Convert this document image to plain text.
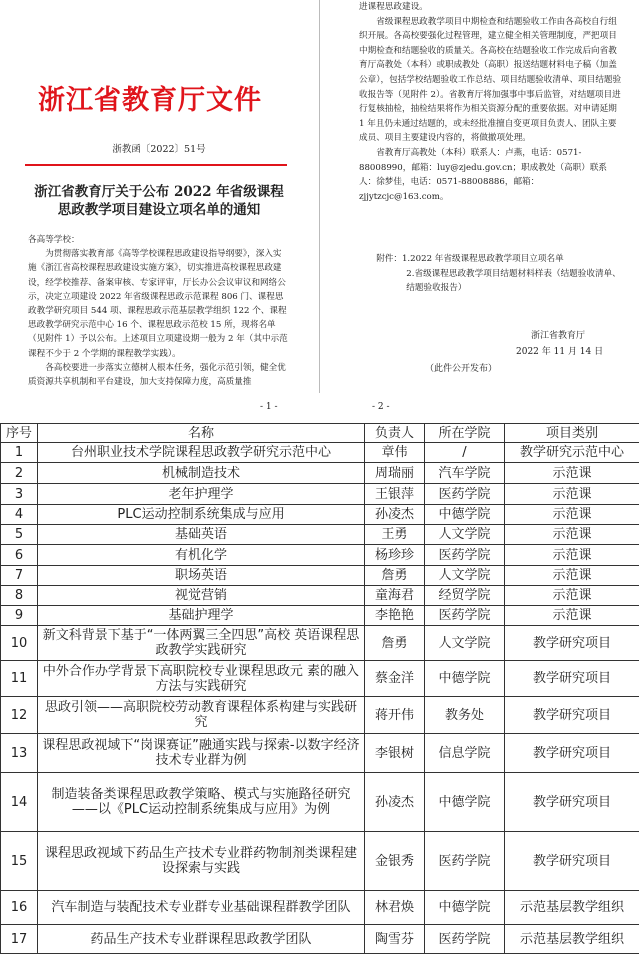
浙江省教育厅文件
浙教函〔2022〕51号
浙江省教育厅关于公布 2022 年省级课程
思政教学项目建设立项名单的通知

各高等学校：

为贯彻落实教育部《高等学校课程思政建设指导纲要》，深入实施《浙江省高校课程思政建设实施方案》，切实推进高校课程思政建设，经学校推荐、备案审核、专家评审，厅长办公会议审议和网络公示，决定立项建设 2022 年省级课程思政示范课程 806 门、课程思政教学研究项目 544 项、课程思政示范基层教学组织 122 个、课程思政教学研究示范中心 16 个、课程思政示范校 15 所，现将名单（见附件 1）予以公布。上述项目立项建设期一般为 2 年（其中示范课程不少于 2 个学期的课程教学实践）。

各高校要进一步落实立德树人根本任务，强化示范引领，健全优质资源共享机制和平台建设，加大支持保障力度，高质量推

进课程思政建设。

省级课程思政教学项目中期检查和结题验收工作由各高校自行组织开展。各高校要强化过程管理，建立健全相关管理制度，严把项目中期检查和结题验收的质量关。各高校在结题验收工作完成后向省教育厅高教处（本科）或职成教处（高职）报送结题材料电子稿（加盖公章），包括学校结题验收工作总结、项目结题验收清单、项目结题验收报告等（见附件 2）。省教育厅将加强事中事后监管，对结题项目进行复核抽检，抽检结果将作为相关资源分配的重要依据。对申请延期 1 年且仍未通过结题的，或未经批准擅自变更项目负责人、团队主要成员、项目主要建设内容的，将做撤项处理。

省教育厅高教处（本科）联系人：卢燕，电话：0571-88008990，邮箱：luy@zjedu.gov.cn；职成教处（高职）联系人：徐梦佳，电话：0571-88008886，邮箱：zjjytzcjc@163.com。

附件：1.2022 年省级课程思政教学项目立项名单

2.省级课程思政教学项目结题材料样表（结题验收清单、结题验收报告）

浙江省教育厅
2022 年 11 月 14 日
（此件公开发布）
- 1 -	- 2 -
序号	名称	负责人	所在学院	项目类别
1	台州职业技术学院课程思政教学研究示范中心	章伟	/	教学研究示范中心
2	机械制造技术	周瑞丽	汽车学院	示范课
3	老年护理学	王银萍	医药学院	示范课
4	PLC运动控制系统集成与应用	孙凌杰	中德学院	示范课
5	基础英语	王勇	人文学院	示范课
6	有机化学	杨珍珍	医药学院	示范课
7	职场英语	詹勇	人文学院	示范课
8	视觉营销	童海君	经贸学院	示范课
9	基础护理学	李艳艳	医药学院	示范课
10	新文科背景下基于“一体两翼三全四思”高校 英语课程思政教学实践研究	詹勇	人文学院	教学研究项目
11	中外合作办学背景下高职院校专业课程思政元 素的融入方法与实践研究	蔡金洋	中德学院	教学研究项目
12	思政引领——高职院校劳动教育课程体系构建与实践研究	蒋开伟	教务处	教学研究项目
13	课程思政视域下“岗课赛证”融通实践与探索-以数字经济技术专业群为例	李银树	信息学院	教学研究项目
14	制造装备类课程思政教学策略、模式与实施路径研究——以《PLC运动控制系统集成与应用》为例	孙凌杰	中德学院	教学研究项目
15	课程思政视域下药品生产技术专业群药物制剂类课程建设探索与实践	金银秀	医药学院	教学研究项目
16	汽车制造与装配技术专业群专业基础课程群教学团队	林君焕	中德学院	示范基层教学组织
17	药品生产技术专业群课程思政教学团队	陶雪芬	医药学院	示范基层教学组织
